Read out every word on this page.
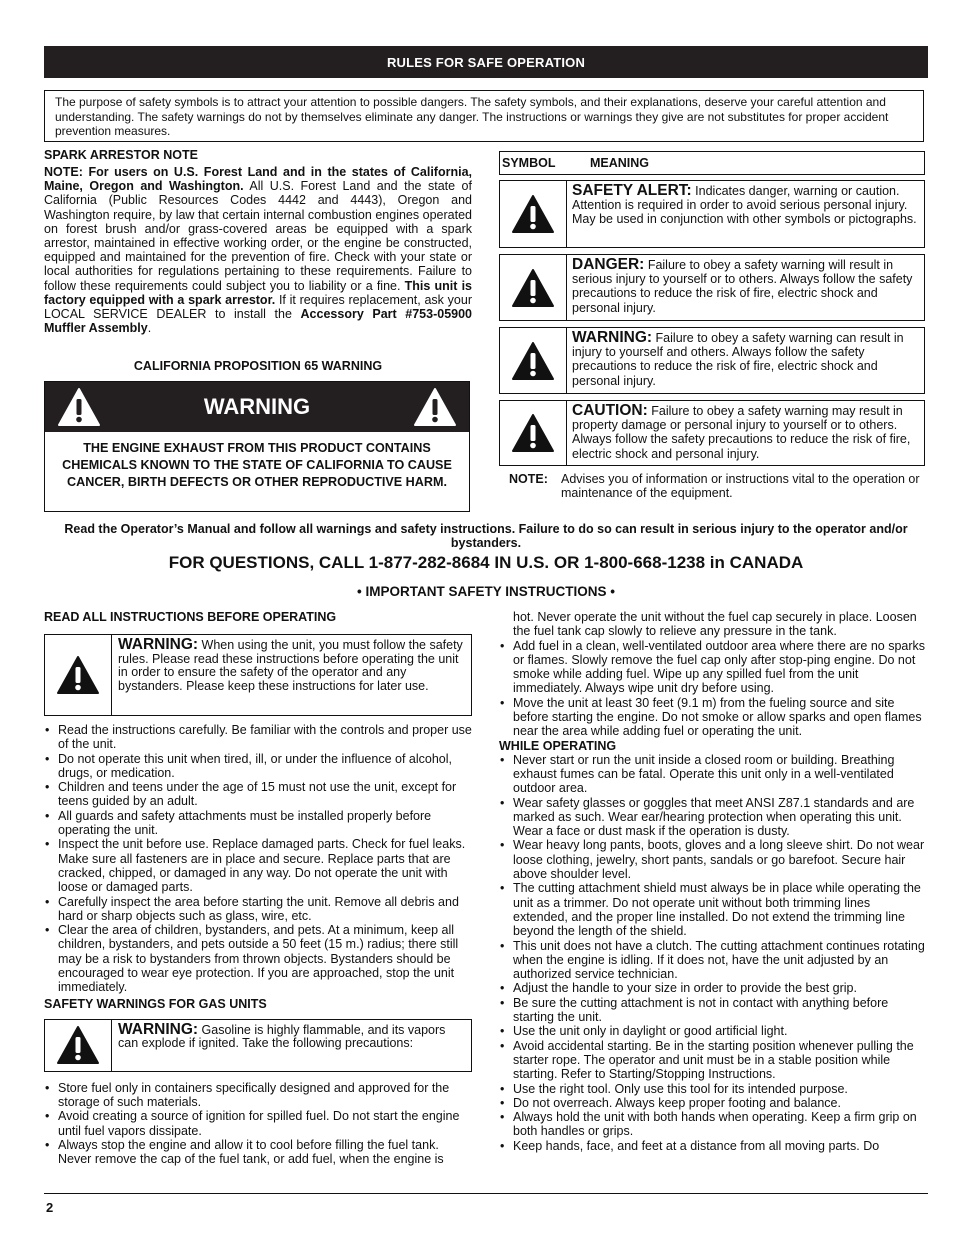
RULES FOR SAFE OPERATION
The purpose of safety symbols is to attract your attention to possible dangers. The safety symbols, and their explanations, deserve your careful attention and understanding. The safety warnings do not by themselves eliminate any danger. The instructions or warnings they give are not substitutes for proper accident prevention measures.
SPARK ARRESTOR NOTE
NOTE: For users on U.S. Forest Land and in the states of California, Maine, Oregon and Washington. All U.S. Forest Land and the state of California (Public Resources Codes 4442 and 4443), Oregon and Washington require, by law that certain internal combustion engines operated on forest brush and/or grass-covered areas be equipped with a spark arrestor, maintained in effective working order, or the engine be constructed, equipped and maintained for the prevention of fire. Check with your state or local authorities for regulations pertaining to these requirements. Failure to follow these requirements could subject you to liability or a fine. This unit is factory equipped with a spark arrestor. If it requires replacement, ask your LOCAL SERVICE DEALER to install the Accessory Part #753-05900 Muffler Assembly.
CALIFORNIA PROPOSITION 65 WARNING
WARNING
THE ENGINE EXHAUST FROM THIS PRODUCT CONTAINS CHEMICALS KNOWN TO THE STATE OF CALIFORNIA TO CAUSE CANCER, BIRTH DEFECTS OR OTHER REPRODUCTIVE HARM.
SYMBOL	MEANING
SAFETY ALERT: Indicates danger, warning or caution. Attention is required in order to avoid serious personal injury. May be used in conjunction with other symbols or pictographs.
DANGER: Failure to obey a safety warning will result in serious injury to yourself or to others. Always follow the safety precautions to reduce the risk of fire, electric shock and personal injury.
WARNING: Failure to obey a safety warning can result in injury to yourself and others. Always follow the safety precautions to reduce the risk of fire, electric shock and personal injury.
CAUTION: Failure to obey a safety warning may result in property damage or personal injury to yourself or to others. Always follow the safety precautions to reduce the risk of fire, electric shock and personal injury.
NOTE:	Advises you of information or instructions vital to the operation or maintenance of the equipment.
Read the Operator’s Manual and follow all warnings and safety instructions. Failure to do so can result in serious injury to the operator and/or bystanders.
FOR QUESTIONS, CALL 1-877-282-8684 IN U.S. OR 1-800-668-1238 in CANADA
• IMPORTANT SAFETY INSTRUCTIONS •
READ ALL INSTRUCTIONS BEFORE OPERATING
WARNING: When using the unit, you must follow the safety rules. Please read these instructions before operating the unit in order to ensure the safety of the operator and any bystanders. Please keep these instructions for later use.
• Read the instructions carefully. Be familiar with the controls and proper use of the unit.
• Do not operate this unit when tired, ill, or under the influence of alcohol, drugs, or medication.
• Children and teens under the age of 15 must not use the unit, except for teens guided by an adult.
• All guards and safety attachments must be installed properly before operating the unit.
• Inspect the unit before use. Replace damaged parts. Check for fuel leaks. Make sure all fasteners are in place and secure. Replace parts that are cracked, chipped, or damaged in any way. Do not operate the unit with loose or damaged parts.
• Carefully inspect the area before starting the unit. Remove all debris and hard or sharp objects such as glass, wire, etc.
• Clear the area of children, bystanders, and pets. At a minimum, keep all children, bystanders, and pets outside a 50 feet (15 m.) radius; there still may be a risk to bystanders from thrown objects. Bystanders should be encouraged to wear eye protection. If you are approached, stop the unit immediately.
SAFETY WARNINGS FOR GAS UNITS
WARNING: Gasoline is highly flammable, and its vapors can explode if ignited. Take the following precautions:
• Store fuel only in containers specifically designed and approved for the storage of such materials.
• Avoid creating a source of ignition for spilled fuel. Do not start the engine until fuel vapors dissipate.
• Always stop the engine and allow it to cool before filling the fuel tank. Never remove the cap of the fuel tank, or add fuel, when the engine is
hot. Never operate the unit without the fuel cap securely in place. Loosen the fuel tank cap slowly to relieve any pressure in the tank.
• Add fuel in a clean, well-ventilated outdoor area where there are no sparks or flames. Slowly remove the fuel cap only after stop-ping engine. Do not smoke while adding fuel. Wipe up any spilled fuel from the unit immediately. Always wipe unit dry before using.
• Move the unit at least 30 feet (9.1 m) from the fueling source and site before starting the engine. Do not smoke or allow sparks and open flames near the area while adding fuel or operating the unit.
WHILE OPERATING
• Never start or run the unit inside a closed room or building. Breathing exhaust fumes can be fatal. Operate this unit only in a well-ventilated outdoor area.
• Wear safety glasses or goggles that meet ANSI Z87.1 standards and are marked as such. Wear ear/hearing protection when operating this unit. Wear a face or dust mask if the operation is dusty.
• Wear heavy long pants, boots, gloves and a long sleeve shirt. Do not wear loose clothing, jewelry, short pants, sandals or go barefoot. Secure hair above shoulder level.
• The cutting attachment shield must always be in place while operating the unit as a trimmer. Do not operate unit without both trimming lines extended, and the proper line installed. Do not extend the trimming line beyond the length of the shield.
• This unit does not have a clutch. The cutting attachment continues rotating when the engine is idling. If it does not, have the unit adjusted by an authorized service technician.
• Adjust the handle to your size in order to provide the best grip.
• Be sure the cutting attachment is not in contact with anything before starting the unit.
• Use the unit only in daylight or good artificial light.
• Avoid accidental starting. Be in the starting position whenever pulling the starter rope. The operator and unit must be in a stable position while starting. Refer to Starting/Stopping Instructions.
• Use the right tool. Only use this tool for its intended purpose.
• Do not overreach. Always keep proper footing and balance.
• Always hold the unit with both hands when operating. Keep a firm grip on both handles or grips.
• Keep hands, face, and feet at a distance from all moving parts. Do
2
